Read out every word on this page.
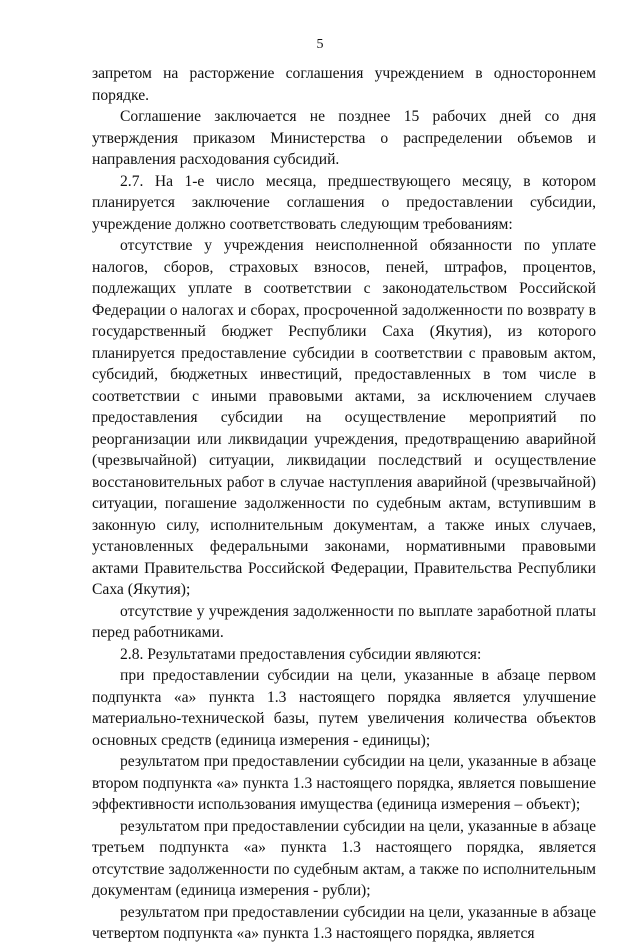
5

запретом на расторжение соглашения учреждением в одностороннем порядке.

Соглашение заключается не позднее 15 рабочих дней со дня утверждения приказом Министерства о распределении объемов и направления расходования субсидий.

2.7. На 1-е число месяца, предшествующего месяцу, в котором планируется заключение соглашения о предоставлении субсидии, учреждение должно соответствовать следующим требованиям:

отсутствие у учреждения неисполненной обязанности по уплате налогов, сборов, страховых взносов, пеней, штрафов, процентов, подлежащих уплате в соответствии с законодательством Российской Федерации о налогах и сборах, просроченной задолженности по возврату в государственный бюджет Республики Саха (Якутия), из которого планируется предоставление субсидии в соответствии с правовым актом, субсидий, бюджетных инвестиций, предоставленных в том числе в соответствии с иными правовыми актами, за исключением случаев предоставления субсидии на осуществление мероприятий по реорганизации или ликвидации учреждения, предотвращению аварийной (чрезвычайной) ситуации, ликвидации последствий и осуществление восстановительных работ в случае наступления аварийной (чрезвычайной) ситуации, погашение задолженности по судебным актам, вступившим в законную силу, исполнительным документам, а также иных случаев, установленных федеральными законами, нормативными правовыми актами Правительства Российской Федерации, Правительства Республики Саха (Якутия);

отсутствие у учреждения задолженности по выплате заработной платы перед работниками.

2.8. Результатами предоставления субсидии являются:

при предоставлении субсидии на цели, указанные в абзаце первом подпункта «а» пункта 1.3 настоящего порядка является улучшение материально-технической базы, путем увеличения количества объектов основных средств (единица измерения - единицы);

результатом при предоставлении субсидии на цели, указанные в абзаце втором подпункта «а» пункта 1.3 настоящего порядка, является повышение эффективности использования имущества (единица измерения – объект);

результатом при предоставлении субсидии на цели, указанные в абзаце третьем подпункта «а» пункта 1.3 настоящего порядка, является отсутствие задолженности по судебным актам, а также по исполнительным документам (единица измерения - рубли);

результатом при предоставлении субсидии на цели, указанные в абзаце четвертом подпункта «а» пункта 1.3 настоящего порядка, является
